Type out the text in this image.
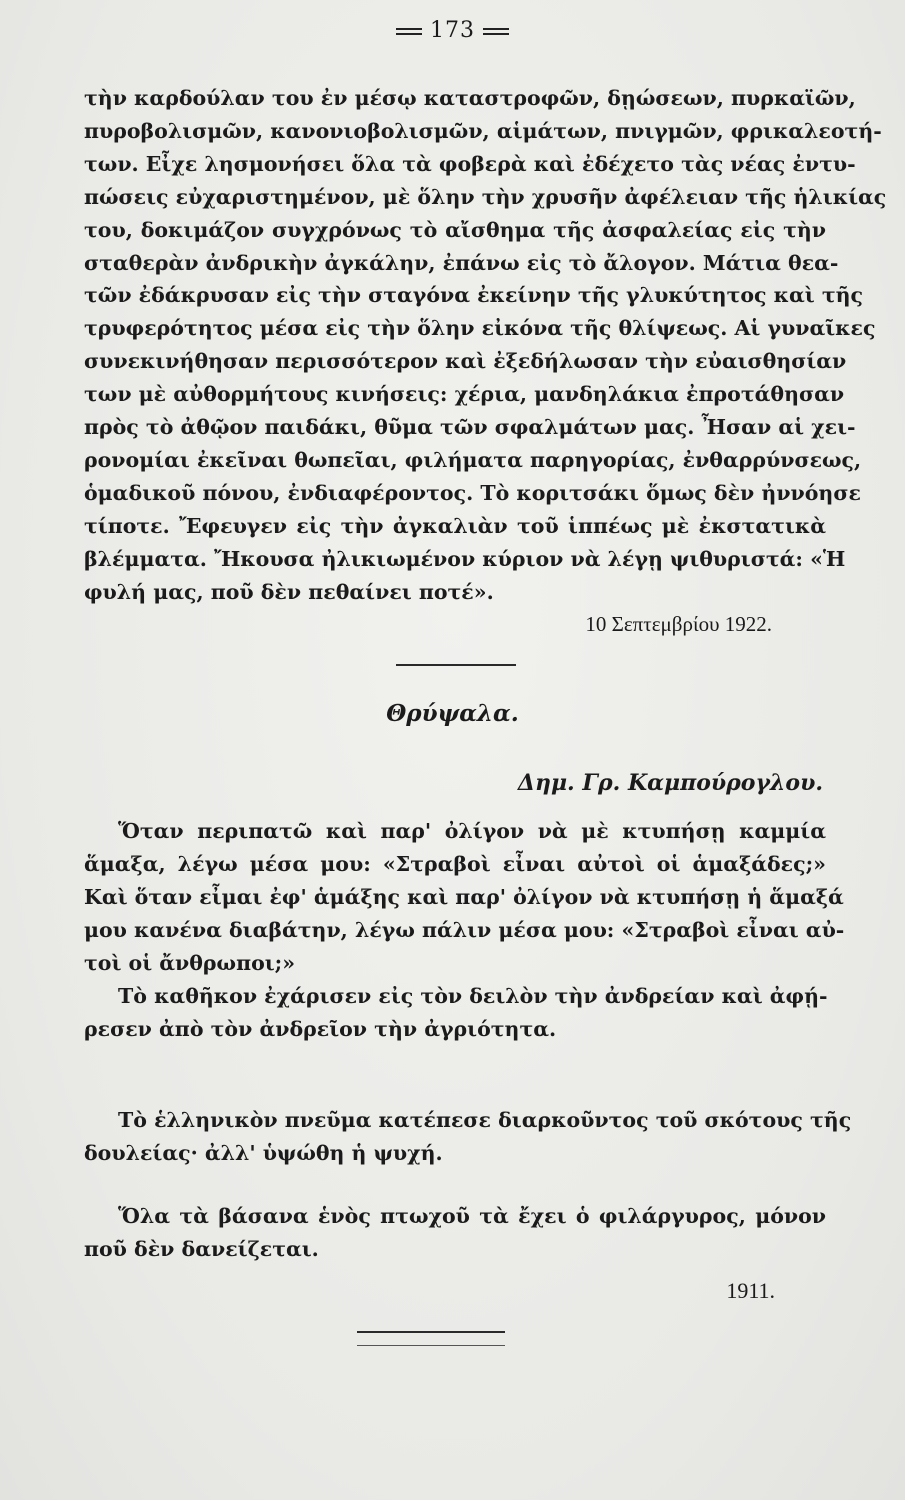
173
τὴν καρδούλαν του ἐν μέσῳ καταστροφῶν, δῃώσεων, πυρκαϊῶν,
πυροβολισμῶν, κανονιοβολισμῶν, αἱμάτων, πνιγμῶν, φρικαλεοτή-
των. Εἶχε λησμονήσει ὅλα τὰ φοβερὰ καὶ ἐδέχετο τὰς νέας ἐντυ-
πώσεις εὐχαριστημένον, μὲ ὅλην τὴν χρυσῆν ἀφέλειαν τῆς ἡλικίας
του, δοκιμάζον συγχρόνως τὸ αἴσθημα τῆς ἀσφαλείας εἰς τὴν
σταθερὰν ἀνδρικὴν ἀγκάλην, ἐπάνω εἰς τὸ ἄλογον. Μάτια θεα-
τῶν ἐδάκρυσαν εἰς τὴν σταγόνα ἐκείνην τῆς γλυκύτητος καὶ τῆς
τρυφερότητος μέσα εἰς τὴν ὅλην εἰκόνα τῆς θλίψεως. Αἱ γυναῖκες
συνεκινήθησαν περισσότερον καὶ ἐξεδήλωσαν τὴν εὐαισθησίαν
των μὲ αὐθορμήτους κινήσεις: χέρια, μανδηλάκια ἐπροτάθησαν
πρὸς τὸ ἀθῷον παιδάκι, θῦμα τῶν σφαλμάτων μας. Ἦσαν αἱ χει-
ρονομίαι ἐκεῖναι θωπεῖαι, φιλήματα παρηγορίας, ἐνθαρρύνσεως,
ὁμαδικοῦ πόνου, ἐνδιαφέροντος. Τὸ κοριτσάκι ὅμως δὲν ἠννόησε
τίποτε. Ἔφευγεν εἰς τὴν ἀγκαλιὰν τοῦ ἱππέως μὲ ἐκστατικὰ
βλέμματα. Ἤκουσα ἠλικιωμένον κύριον νὰ λέγῃ ψιθυριστά: «Ἡ
φυλή μας, ποῦ δὲν πεθαίνει ποτέ».
10 Σεπτεμβρίου 1922.
Θρύψαλα.
Δημ. Γρ. Καμπούρογλου.
Ὅταν περιπατῶ καὶ παρ' ὀλίγον νὰ μὲ κτυπήσῃ καμμία
ἅμαξα, λέγω μέσα μου: «Στραβοὶ εἶναι αὐτοὶ οἱ ἁμαξάδες;»
Καὶ ὅταν εἶμαι ἐφ' ἁμάξης καὶ παρ' ὀλίγον νὰ κτυπήσῃ ἡ ἅμαξά
μου κανένα διαβάτην, λέγω πάλιν μέσα μου: «Στραβοὶ εἶναι αὐ-
τοὶ οἱ ἄνθρωποι;»
Τὸ καθῆκον ἐχάρισεν εἰς τὸν δειλὸν τὴν ἀνδρείαν καὶ ἀφῄ-
ρεσεν ἀπὸ τὸν ἀνδρεῖον τὴν ἀγριότητα.
Τὸ ἑλληνικὸν πνεῦμα κατέπεσε διαρκοῦντος τοῦ σκότους τῆς
δουλείας· ἀλλ' ὑψώθη ἡ ψυχή.
Ὅλα τὰ βάσανα ἑνὸς πτωχοῦ τὰ ἔχει ὁ φιλάργυρος, μόνον
ποῦ δὲν δανείζεται.
1911.
